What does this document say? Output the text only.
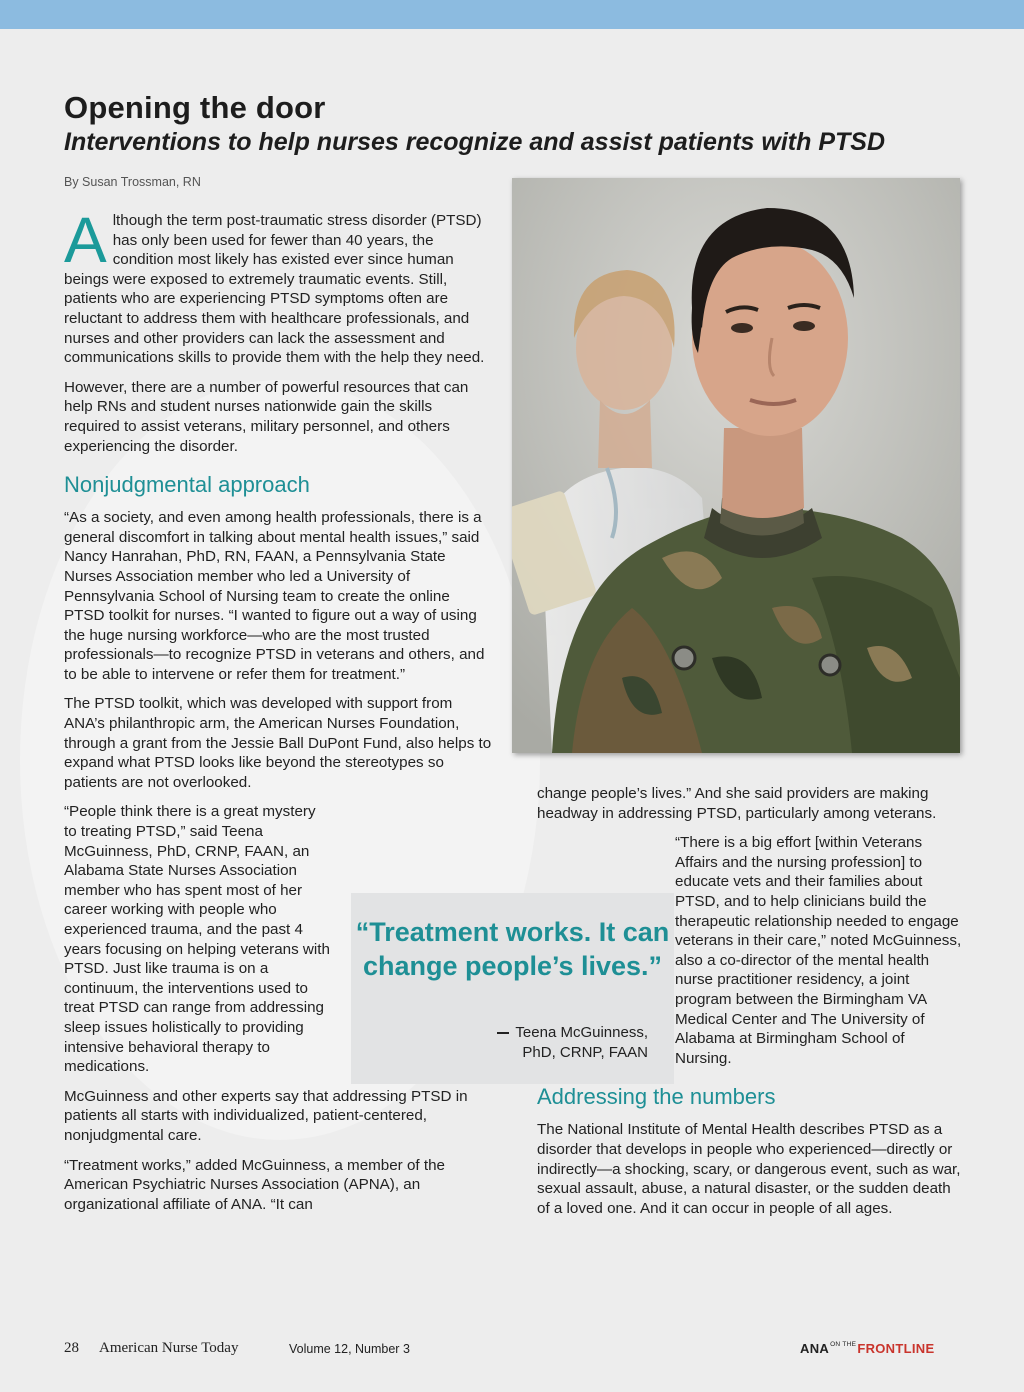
Opening the door
Interventions to help nurses recognize and assist patients with PTSD
By Susan Trossman, RN

Although the term post-traumatic stress disorder (PTSD) has only been used for fewer than 40 years, the condition most likely has existed ever since human beings were exposed to extremely traumatic events. Still, patients who are experiencing PTSD symptoms often are reluctant to address them with healthcare professionals, and nurses and other providers can lack the assessment and communications skills to provide them with the help they need.

However, there are a number of powerful resources that can help RNs and student nurses nationwide gain the skills required to assist veterans, military personnel, and others experiencing the disorder.

Nonjudgmental approach

“As a society, and even among health professionals, there is a general discomfort in talking about mental health issues,” said Nancy Hanrahan, PhD, RN, FAAN, a Pennsylvania State Nurses Association member who led a University of Pennsylvania School of Nursing team to create the online PTSD toolkit for nurses. “I wanted to figure out a way of using the huge nursing workforce—who are the most trusted professionals—to recognize PTSD in veterans and others, and to be able to intervene or refer them for treatment.”

The PTSD toolkit, which was developed with support from ANA’s philanthropic arm, the American Nurses Foundation, through a grant from the Jessie Ball DuPont Fund, also helps to expand what PTSD looks like beyond the stereotypes so patients are not overlooked.

“People think there is a great mystery to treating PTSD,” said Teena McGuinness, PhD, CRNP, FAAN, an Alabama State Nurses Association member who has spent most of her career working with people who experienced trauma, and the past 4 years focusing on helping veterans with PTSD. Just like trauma is on a continuum, the interventions used to treat PTSD can range from addressing sleep issues holistically to providing intensive behavioral therapy to medications.

McGuinness and other experts say that addressing PTSD in patients all starts with individualized, patient-centered, nonjudgmental care.

“Treatment works,” added McGuinness, a member of the American Psychiatric Nurses Association (APNA), an organizational affiliate of ANA. “It can

change people’s lives.” And she said providers are making headway in addressing PTSD, particularly among veterans.

“There is a big effort [within Veterans Affairs and the nursing profession] to educate vets and their families about PTSD, and to help clinicians build the therapeutic relationship needed to engage veterans in their care,” noted McGuinness, also a co-director of the mental health nurse practitioner residency, a joint program between the Birmingham VA Medical Center and The University of Alabama at Birmingham School of Nursing.

Addressing the numbers

The National Institute of Mental Health describes PTSD as a disorder that develops in people who experienced—directly or indirectly—a shocking, scary, or dangerous event, such as war, sexual assault, abuse, a natural disaster, or the sudden death of a loved one. And it can occur in people of all ages.

“Treatment works. It can change people’s lives.”
Teena McGuinness,
PhD, CRNP, FAAN
28 American Nurse Today	Volume 12, Number 3	$ANA^{ON THE}FRONTLINE$
